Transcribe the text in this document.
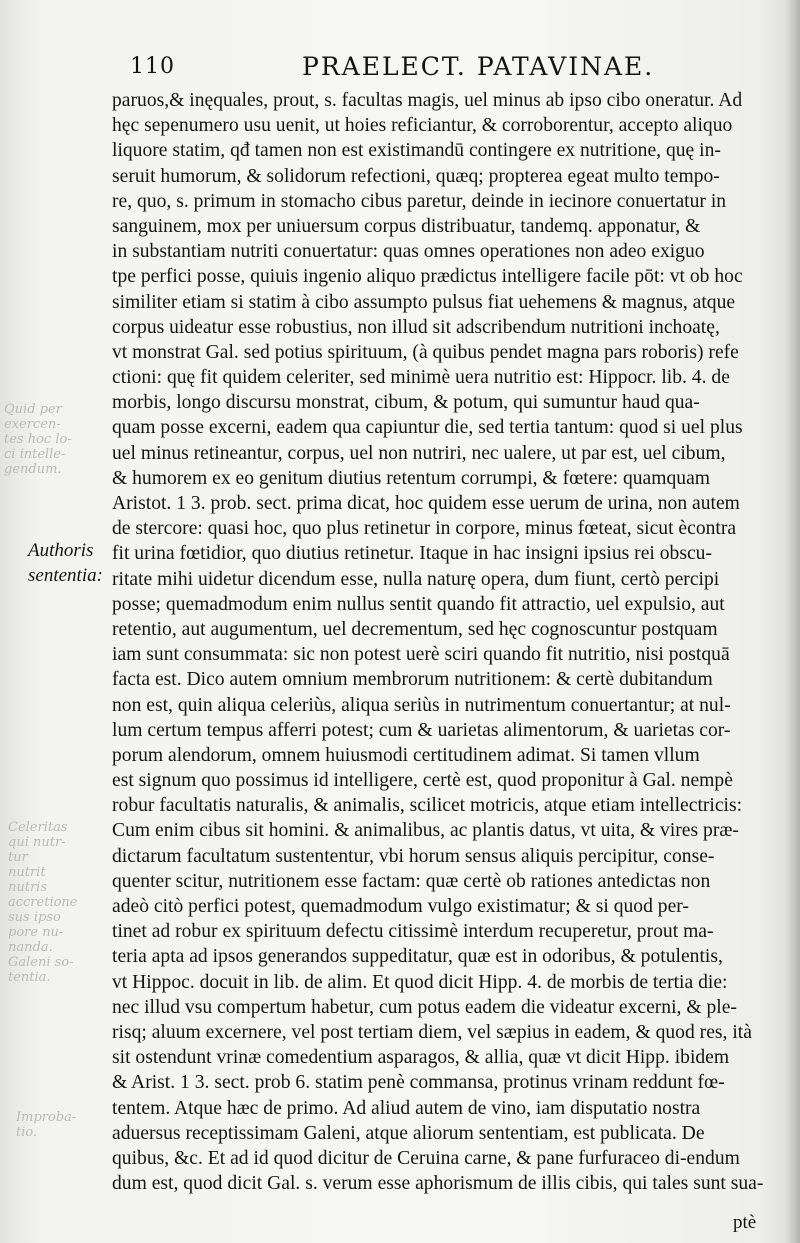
Quid per
exercen-
tes hoc lo-
ci intelle-
gendum.
Celeritas
qui nutr-
tur
nutrit
nutris
accretione
sus ipso
pore nu-
nanda.
Galeni so-
tentia.
Improba-
tio.
110	PRAELECT. PATAVINAE.
Authoris
sententia:
paruos,& inęquales, prout, s. facultas magis, uel minus ab ipso cibo oneratur. Ad
hęc sepenumero usu uenit, ut hoies reficiantur, & corroborentur, accepto aliquo
liquore statim, qđ tamen non est existimandū contingere ex nutritione, quę in-
seruit humorum, & solidorum refectioni, quæq; propterea egeat multo tempo-
re, quo, s. primum in stomacho cibus paretur, deinde in iecinore conuertatur in
sanguinem, mox per uniuersum corpus distribuatur, tandemq. apponatur, &
in substantiam nutriti conuertatur: quas omnes operationes non adeo exiguo
tpe perfici posse, quiuis ingenio aliquo prædictus intelligere facile pōt: vt ob hoc
similiter etiam si statim à cibo assumpto pulsus fiat uehemens & magnus, atque
corpus uideatur esse robustius, non illud sit adscribendum nutritioni inchoatę,
vt monstrat Gal. sed potius spirituum, (à quibus pendet magna pars roboris) refe
ctioni: quę fit quidem celeriter, sed minimè uera nutritio est: Hippocr. lib. 4. de
morbis, longo discursu monstrat, cibum, & potum, qui sumuntur haud qua-
quam posse excerni, eadem qua capiuntur die, sed tertia tantum: quod si uel plus
uel minus retineantur, corpus, uel non nutriri, nec ualere, ut par est, uel cibum,
& humorem ex eo genitum diutius retentum corrumpi, & fœtere: quamquam
Aristot. 1 3. prob. sect. prima dicat, hoc quidem esse uerum de urina, non autem
de stercore: quasi hoc, quo plus retinetur in corpore, minus fœteat, sicut ècontra
fit urina fœtidior, quo diutius retinetur. Itaque in hac insigni ipsius rei obscu-
ritate mihi uidetur dicendum esse, nulla naturę opera, dum fiunt, certò percipi
posse; quemadmodum enim nullus sentit quando fit attractio, uel expulsio, aut
retentio, aut augumentum, uel decrementum, sed hęc cognoscuntur postquam
iam sunt consummata: sic non potest uerè sciri quando fit nutritio, nisi postquā
facta est. Dico autem omnium membrorum nutritionem: & certè dubitandum
non est, quin aliqua celeriùs, aliqua seriùs in nutrimentum conuertantur; at nul-
lum certum tempus afferri potest; cum & uarietas alimentorum, & uarietas cor-
porum alendorum, omnem huiusmodi certitudinem adimat. Si tamen vllum
est signum quo possimus id intelligere, certè est, quod proponitur à Gal. nempè
robur facultatis naturalis, & animalis, scilicet motricis, atque etiam intellectricis:
Cum enim cibus sit homini. & animalibus, ac plantis datus, vt uita, & vires præ-
dictarum facultatum sustententur, vbi horum sensus aliquis percipitur, conse-
quenter scitur, nutritionem esse factam: quæ certè ob rationes antedictas non
adeò citò perfici potest, quemadmodum vulgo existimatur; & si quod per-
tinet ad robur ex spirituum defectu citissimè interdum recuperetur, prout ma-
teria apta ad ipsos generandos suppeditatur, quæ est in odoribus, & potulentis,
vt Hippoc. docuit in lib. de alim. Et quod dicit Hipp. 4. de morbis de tertia die:
nec illud vsu compertum habetur, cum potus eadem die videatur excerni, & ple-
risq; aluum excernere, vel post tertiam diem, vel sæpius in eadem, & quod res, ità
sit ostendunt vrinæ comedentium asparagos, & allia, quæ vt dicit Hipp. ibidem
& Arist. 1 3. sect. prob 6. statim penè commansa, protinus vrinam reddunt fœ-
tentem. Atque hæc de primo. Ad aliud autem de vino, iam disputatio nostra
aduersus receptissimam Galeni, atque aliorum sententiam, est publicata. De
quibus, &c. Et ad id quod dicitur de Ceruina carne, & pane furfuraceo di-endum
dum est, quod dicit Gal. s. verum esse aphorismum de illis cibis, qui tales sunt sua-
ptè
